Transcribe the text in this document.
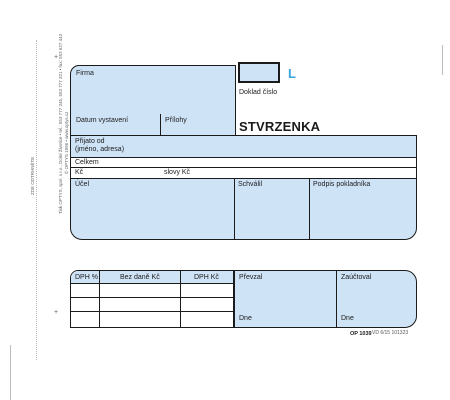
Tisk OPTYS, spol. s r.o., Dolní Životice • tel.: 553 777 345, 553 777 321 • fax: 553 627 443 © OPTYS 1996 • www.optys.cz
ZDE ODTRHNĚTE
+
+
Firma
Doklad číslo
L
Datum vystavení	Přílohy	STVRZENKA
Přijato od
(jméno, adresa)
Celkem
Kč	slovy Kč
Účel	Schválil	Podpis pokladníka
DPH %	Bez daně Kč	DPH Kč	Převzal
Dne
Zaúčtoval
Dne
OP 1039 VD 6/15 101323
